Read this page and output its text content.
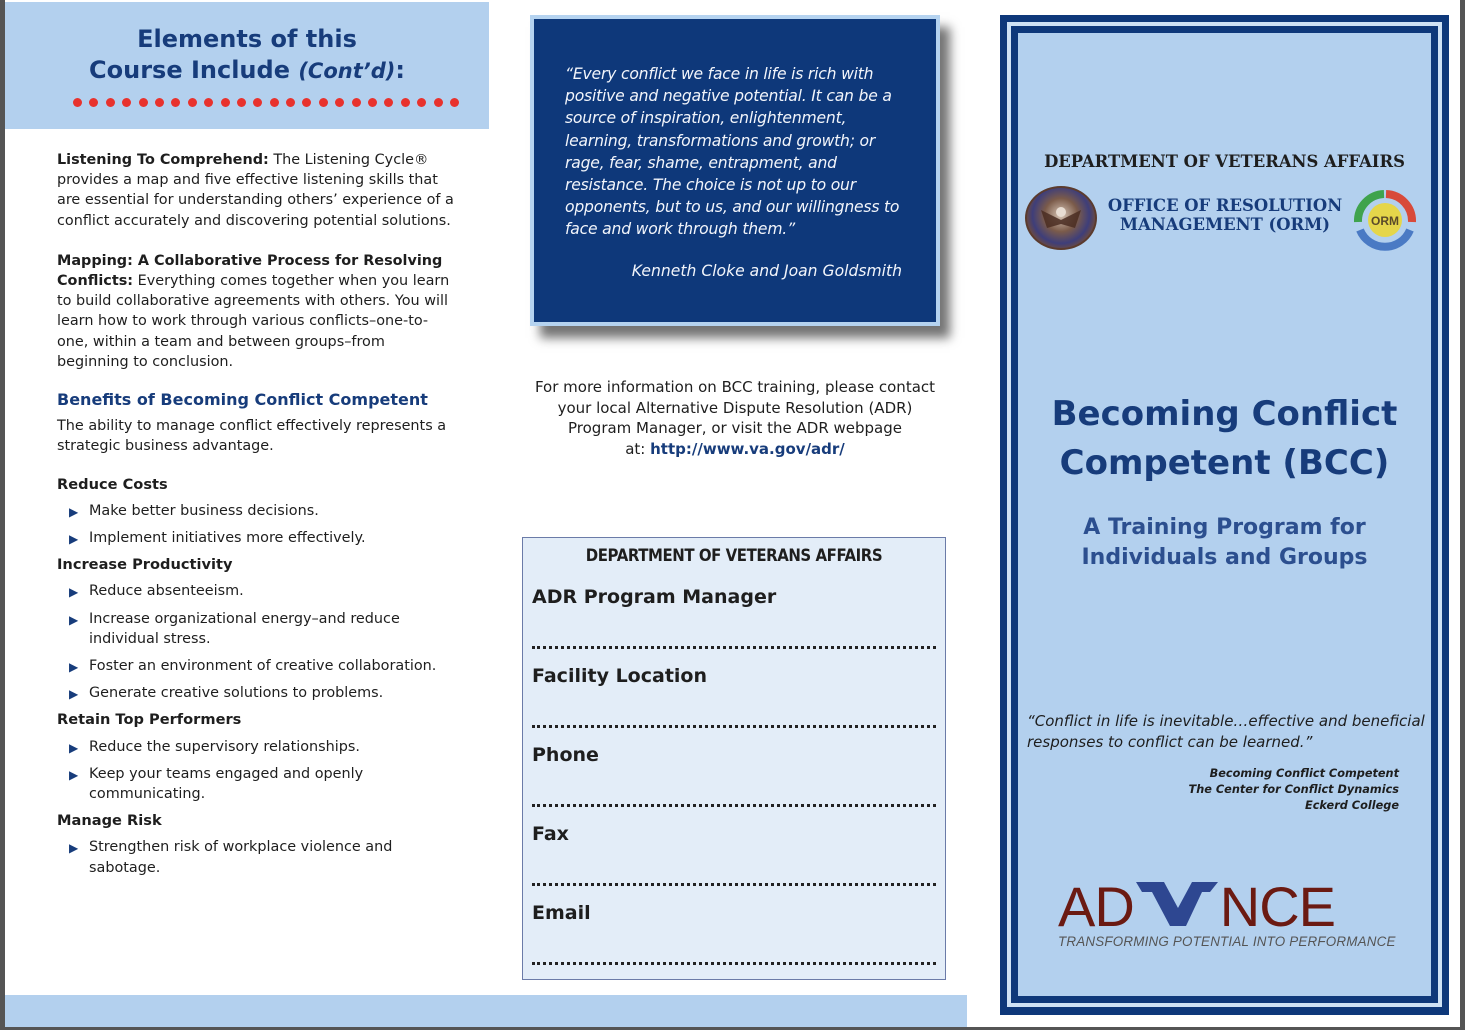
Elements of this
Course Include (Cont’d):

Listening To Comprehend: The Listening Cycle® provides a map and five effective listening skills that are essential for understanding others’ experience of a conflict accurately and discovering potential solutions.

Mapping: A Collaborative Process for Resolving Conflicts: Everything comes together when you learn to build collaborative agreements with others. You will learn how to work through various conflicts–one-to-one, within a team and between groups–from beginning to conclusion.

Benefits of Becoming Conflict Competent

The ability to manage conflict effectively represents a strategic business advantage.

Reduce Costs
▶ Make better business decisions.
▶ Implement initiatives more effectively.
Increase Productivity
▶ Reduce absenteeism.
▶ Increase organizational energy–and reduce individual stress.
▶ Foster an environment of creative collaboration.
▶ Generate creative solutions to problems.
Retain Top Performers
▶ Reduce the supervisory relationships.
▶ Keep your teams engaged and openly communicating.
Manage Risk
▶ Strengthen risk of workplace violence and sabotage.
“Every conflict we face in life is rich with positive and negative potential. It can be a source of inspiration, enlightenment, learning, transformations and growth; or rage, fear, shame, entrapment, and resistance. The choice is not up to our opponents, but to us, and our willingness to face and work through them.”
Kenneth Cloke and Joan Goldsmith
For more information on BCC training, please contact your local Alternative Dispute Resolution (ADR) Program Manager, or visit the ADR webpage
at: http://www.va.gov/adr/
DEPARTMENT OF VETERANS AFFAIRS
ADR Program Manager
Facility Location
Phone
Fax
Email
DEPARTMENT OF VETERANS AFFAIRS
OFFICE OF RESOLUTION
MANAGEMENT (ORM)	ORM
Becoming Conflict
Competent (BCC)
A Training Program for
Individuals and Groups
“Conflict in life is inevitable…effective and beneficial responses to conflict can be learned.”
Becoming Conflict Competent
The Center for Conflict Dynamics
Eckerd College
AD NCE
TRANSFORMING POTENTIAL INTO PERFORMANCE
